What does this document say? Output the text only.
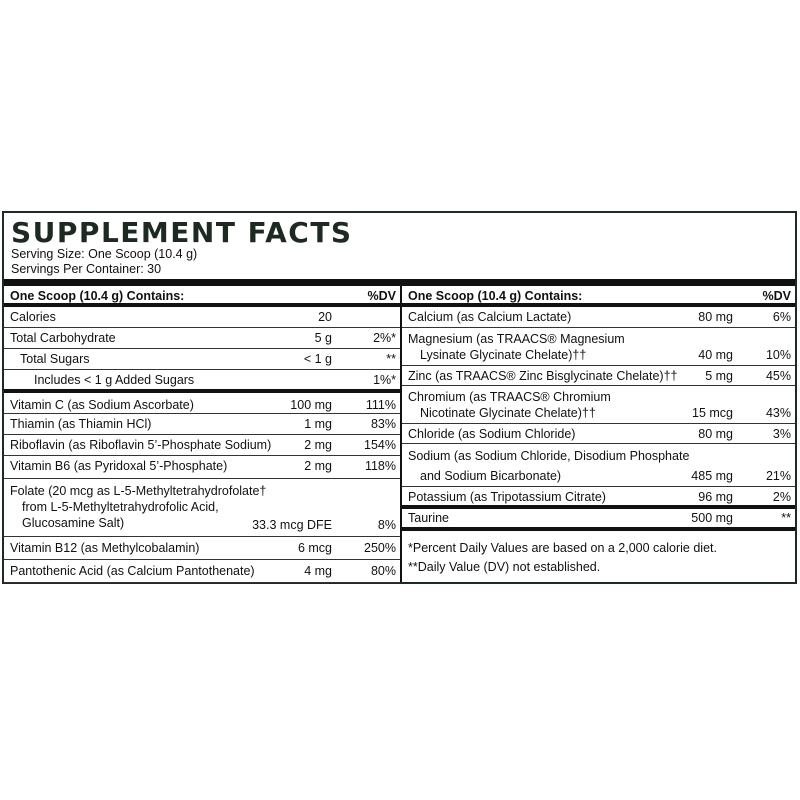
SUPPLEMENT FACTS
Serving Size: One Scoop (10.4 g)
Servings Per Container: 30
One Scoop (10.4 g) Contains:	%DV
Calories	20
Total Carbohydrate	5 g	2%*
Total Sugars	< 1 g	**
Includes < 1 g Added Sugars	1%*
Vitamin C (as Sodium Ascorbate)	100 mg	111%
Thiamin (as Thiamin HCl)	1 mg	83%
Riboflavin (as Riboflavin 5’-Phosphate Sodium)	2 mg	154%
Vitamin B6 (as Pyridoxal 5’-Phosphate)	2 mg	118%
Folate (20 mcg as L-5-Methyltetrahydrofolate†
from L-5-Methyltetrahydrofolic Acid,
Glucosamine Salt)	33.3 mcg DFE	8%
Vitamin B12 (as Methylcobalamin)	6 mcg	250%
Pantothenic Acid (as Calcium Pantothenate)	4 mg	80%
One Scoop (10.4 g) Contains:	%DV
Calcium (as Calcium Lactate)	80 mg	6%
Magnesium (as TRAACS® Magnesium
Lysinate Glycinate Chelate)††	40 mg	10%
Zinc (as TRAACS® Zinc Bisglycinate Chelate)†† 5 mg	45%
Chromium (as TRAACS® Chromium
Nicotinate Glycinate Chelate)††	15 mcg	43%
Chloride (as Sodium Chloride)	80 mg	3%
Sodium (as Sodium Chloride, Disodium Phosphate
and Sodium Bicarbonate)	485 mg	21%
Potassium (as Tripotassium Citrate)	96 mg	2%
Taurine	500 mg	**
*Percent Daily Values are based on a 2,000 calorie diet.
**Daily Value (DV) not established.
